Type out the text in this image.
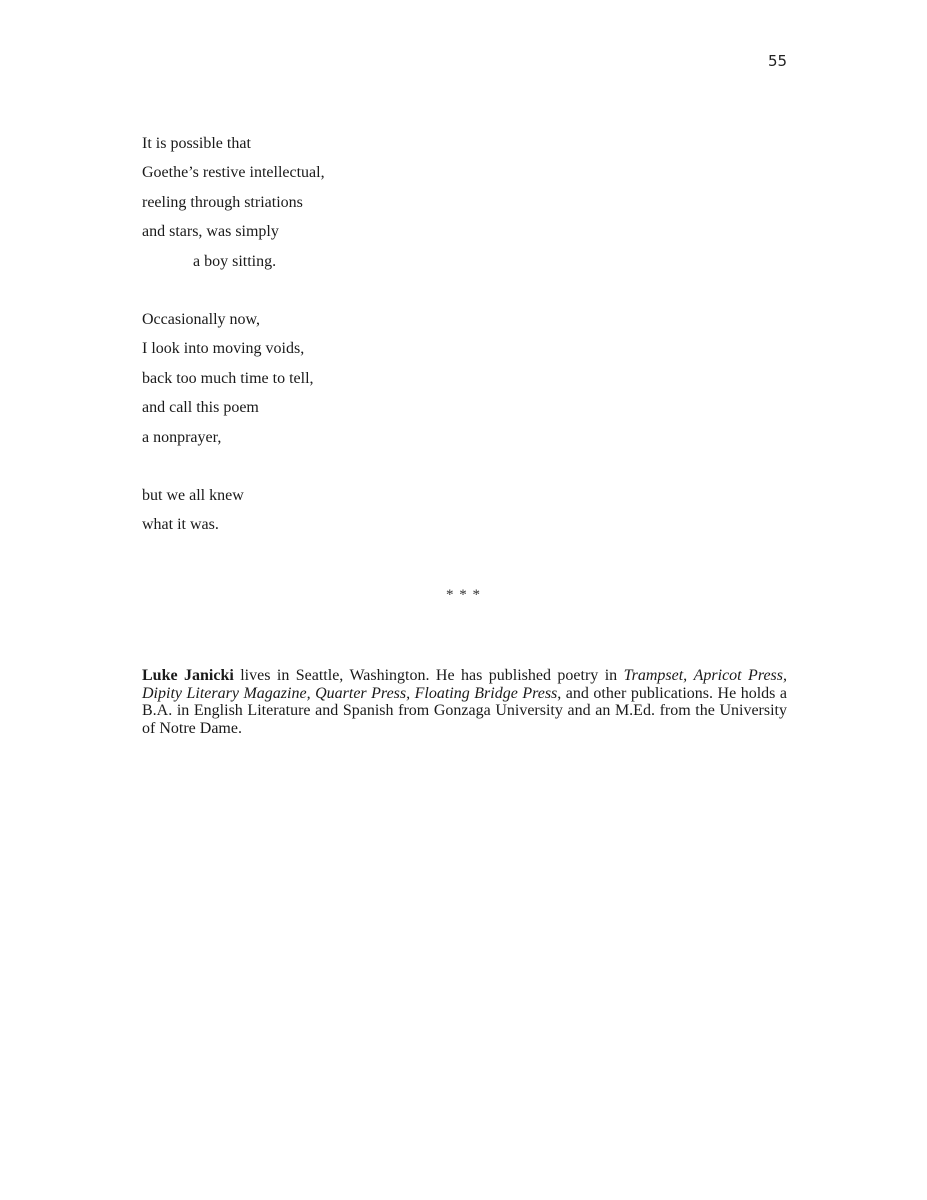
55
It is possible that
Goethe’s restive intellectual,
reeling through striations
and stars, was simply
a boy sitting.
Occasionally now,
I look into moving voids,
back too much time to tell,
and call this poem
a nonprayer,
but we all knew
what it was.
* * *
Luke Janicki lives in Seattle, Washington. He has published poetry in Trampset, Apricot Press, Dipity Literary Magazine, Quarter Press, Floating Bridge Press, and other publications. He holds a B.A. in English Literature and Spanish from Gonzaga University and an M.Ed. from the University of Notre Dame.
